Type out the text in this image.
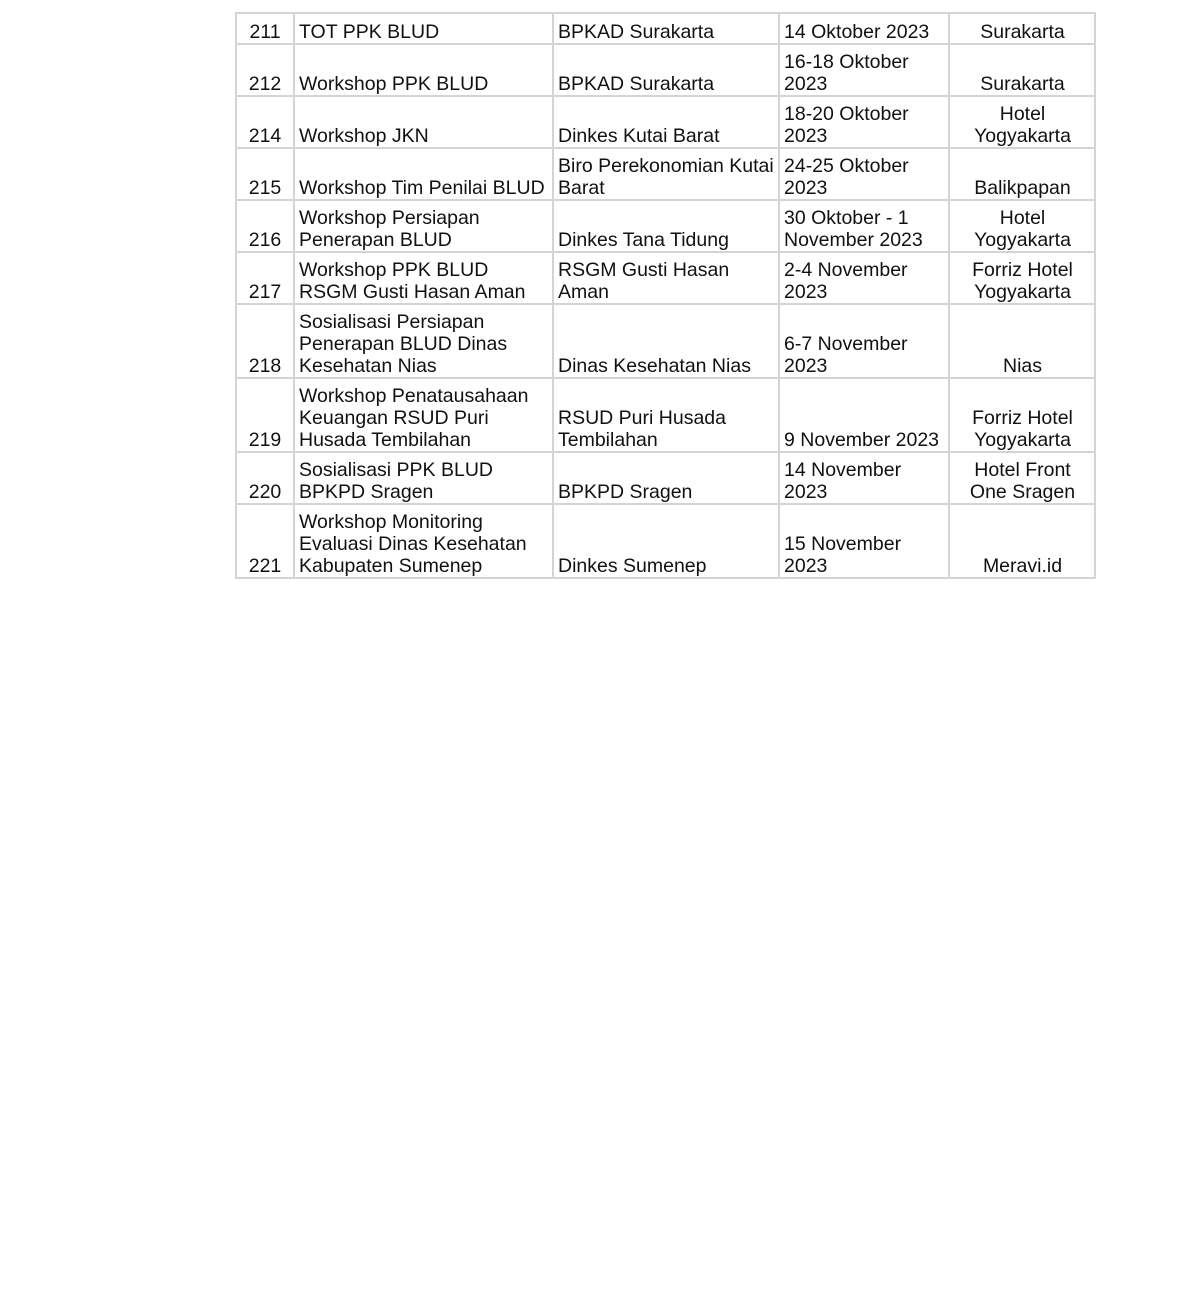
211	TOT PPK BLUD	BPKAD Surakarta	14 Oktober 2023	Surakarta
212	Workshop PPK BLUD	BPKAD Surakarta	16-18 Oktober 2023	Surakarta
214	Workshop JKN	Dinkes Kutai Barat	18-20 Oktober 2023	Hotel Yogyakarta
215	Workshop Tim Penilai BLUD	Biro Perekonomian Kutai Barat	24-25 Oktober 2023	Balikpapan
216	Workshop Persiapan Penerapan BLUD	Dinkes Tana Tidung	30 Oktober - 1 November 2023	Hotel Yogyakarta
217	Workshop PPK BLUD RSGM Gusti Hasan Aman	RSGM Gusti Hasan Aman	2-4 November 2023	Forriz Hotel Yogyakarta
218	Sosialisasi Persiapan Penerapan BLUD Dinas Kesehatan Nias	Dinas Kesehatan Nias	6-7 November 2023	Nias
219	Workshop Penatausahaan Keuangan RSUD Puri Husada Tembilahan	RSUD Puri Husada Tembilahan	9 November 2023	Forriz Hotel Yogyakarta
220	Sosialisasi PPK BLUD BPKPD Sragen	BPKPD Sragen	14 November 2023	Hotel Front One Sragen
221	Workshop Monitoring Evaluasi Dinas Kesehatan Kabupaten Sumenep	Dinkes Sumenep	15 November 2023	Meravi.id
